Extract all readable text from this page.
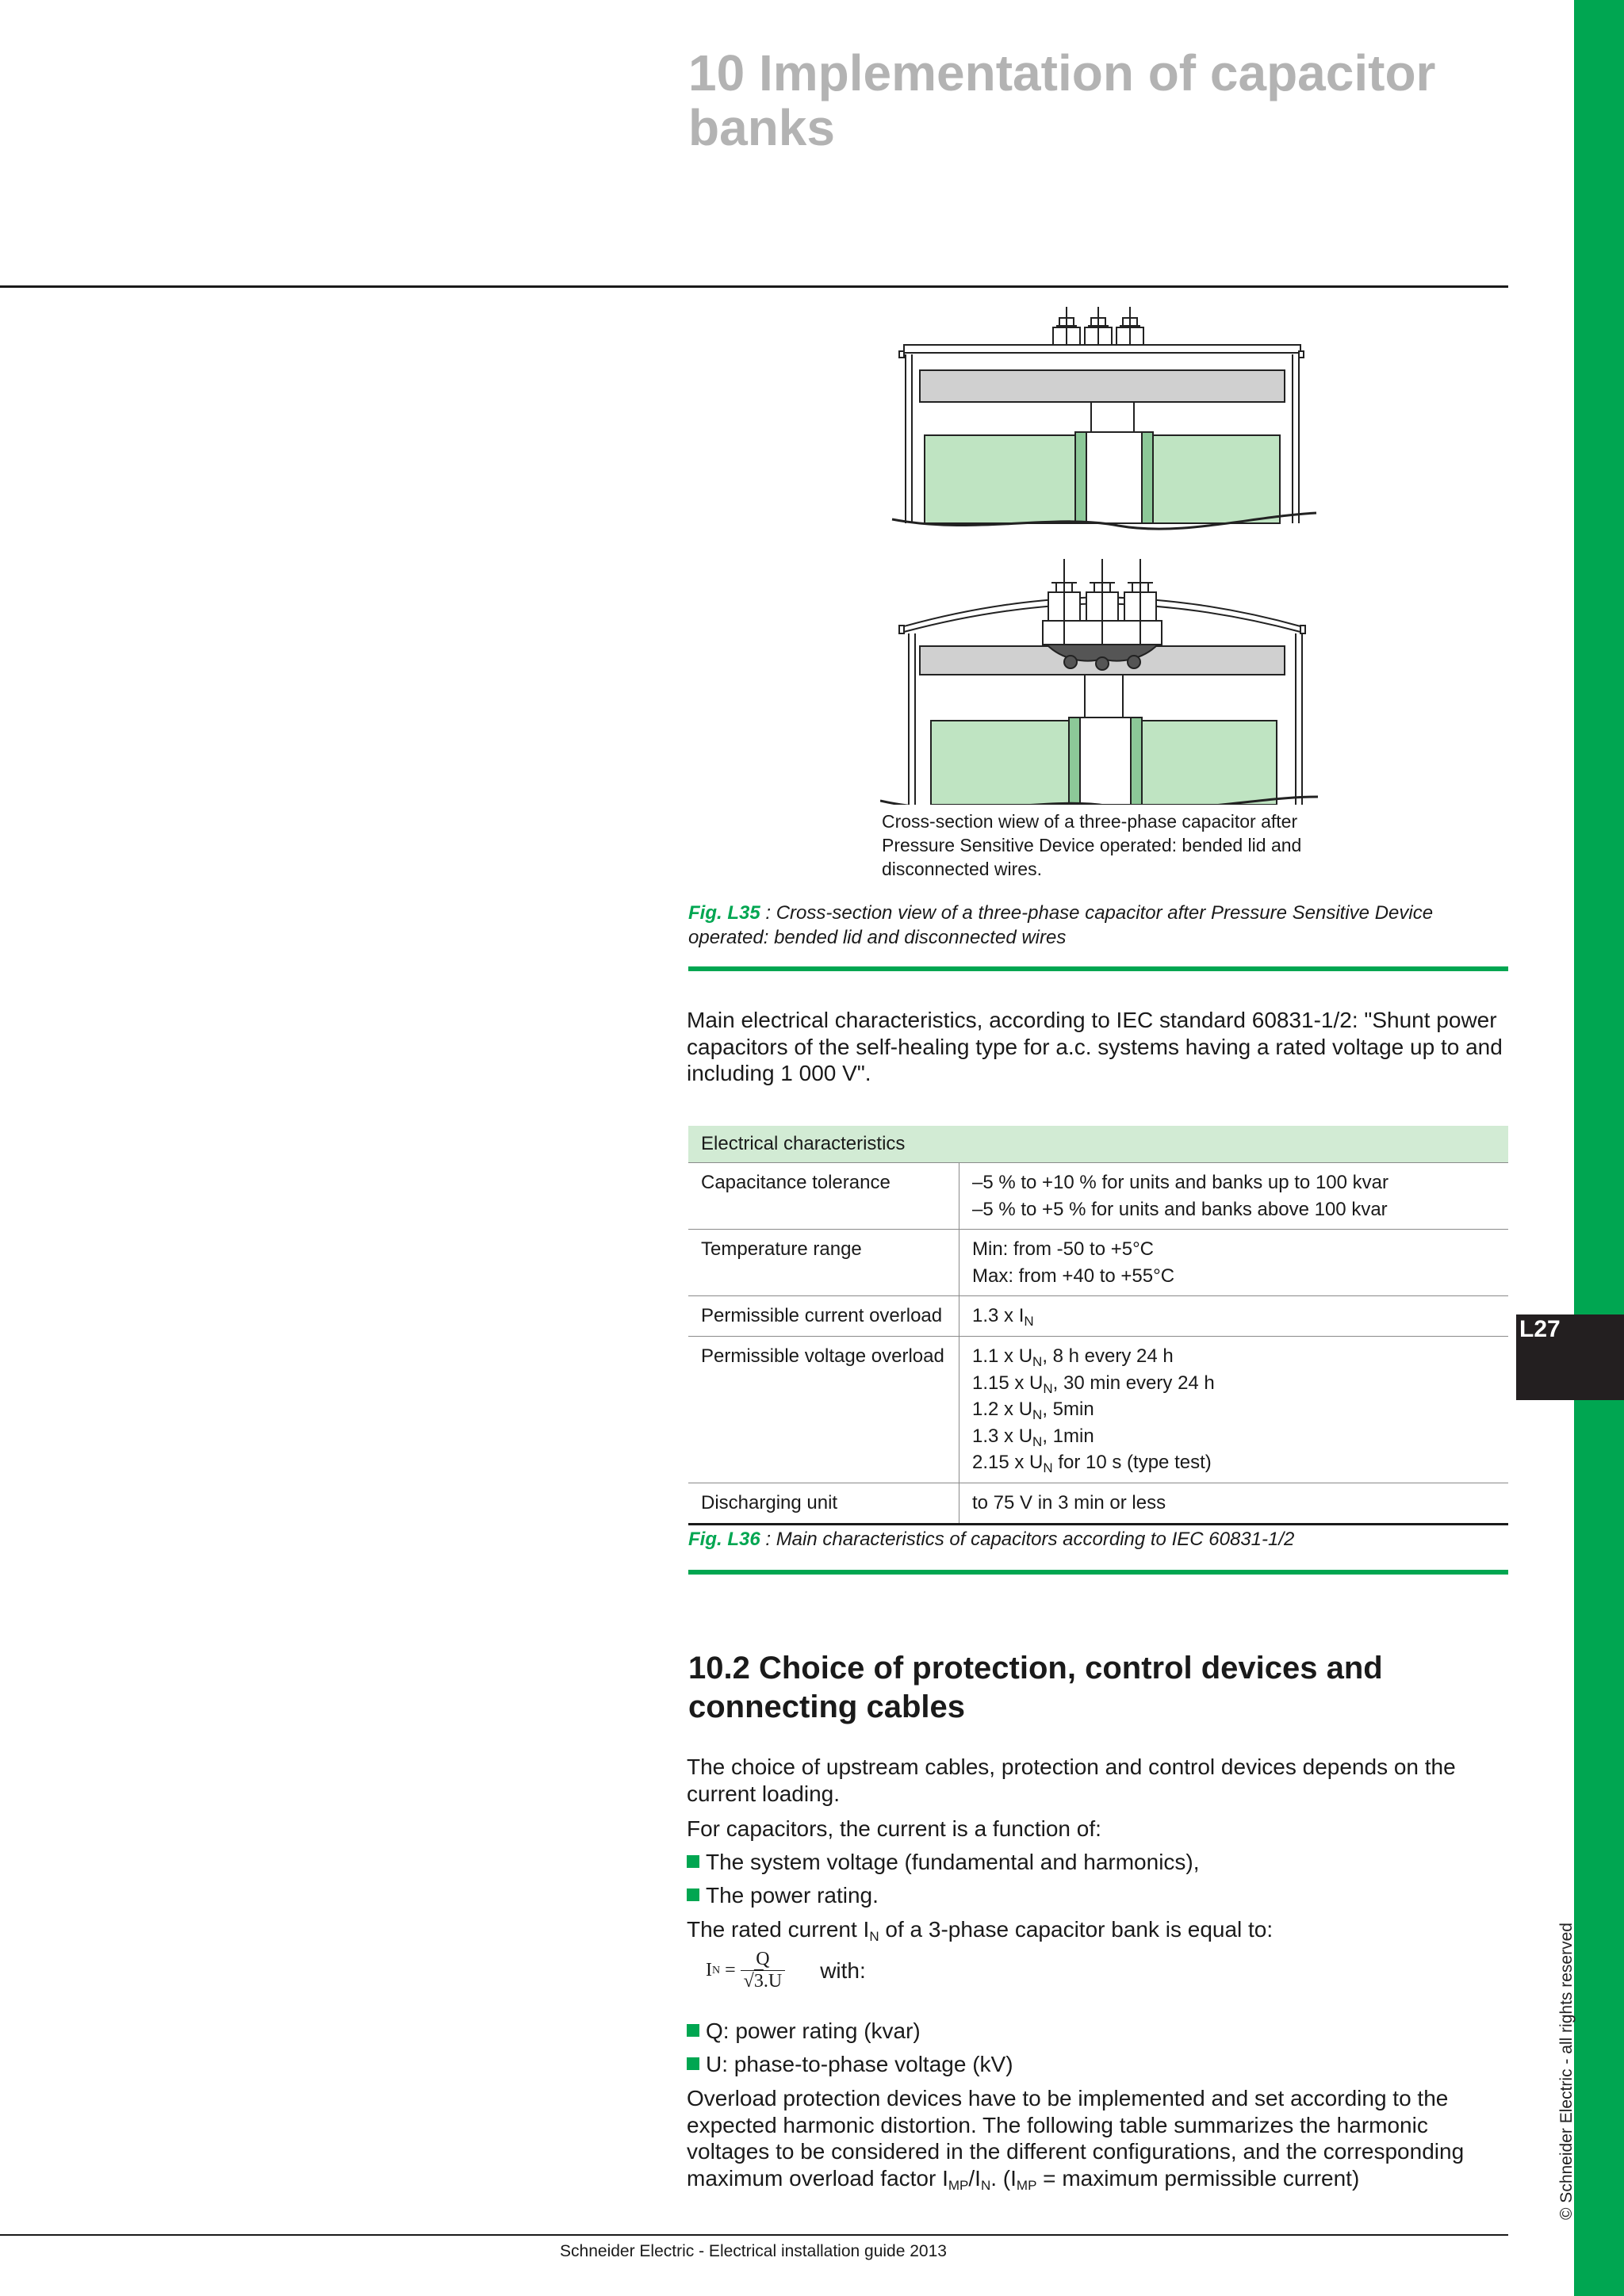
L27
© Schneider Electric - all rights reserved
10 Implementation of capacitor banks
Cross-section wiew of a three-phase capacitor after Pressure Sensitive Device operated: bended lid and disconnected wires.
Fig. L35 : Cross-section view of a three-phase capacitor after Pressure Sensitive Device operated: bended lid and disconnected wires
Main electrical characteristics, according to IEC standard 60831-1/2: "Shunt power capacitors of the self-healing type for a.c. systems having a rated voltage up to and including 1 000 V".
Electrical characteristics
Capacitance tolerance	–5 % to +10 % for units and banks up to 100 kvar
–5 % to +5 % for units and banks above 100 kvar
Temperature range	Min: from -50 to +5°C
Max: from +40 to +55°C
Permissible current overload	1.3 x $I_N$
Permissible voltage overload	1.1 x $U_N$, 8 h every 24 h
1.15 x $U_N$, 30 min every 24 h
1.2 x $U_N$, 5min
1.3 x $U_N$, 1min
2.15 x $U_N$ for 10 s (type test)
Discharging unit	to 75 V in 3 min or less
Fig. L36 : Main characteristics of capacitors according to IEC 60831-1/2
10.2 Choice of protection, control devices and connecting cables
The choice of upstream cables, protection and control devices depends on the current loading.
For capacitors, the current is a function of:
The system voltage (fundamental and harmonics),
The power rating.
The rated current $I_N$ of a 3-phase capacitor bank is equal to:
I $N = \frac{Q}{√3.U}$ with:
Q: power rating (kvar)
U: phase-to-phase voltage (kV)
Overload protection devices have to be implemented and set according to the expected harmonic distortion. The following table summarizes the harmonic voltages to be considered in the different configurations, and the corresponding maximum overload factor $I_{MP}/I_N$. ($I_{MP}$ = maximum permissible current)
Schneider Electric - Electrical installation guide 2013
